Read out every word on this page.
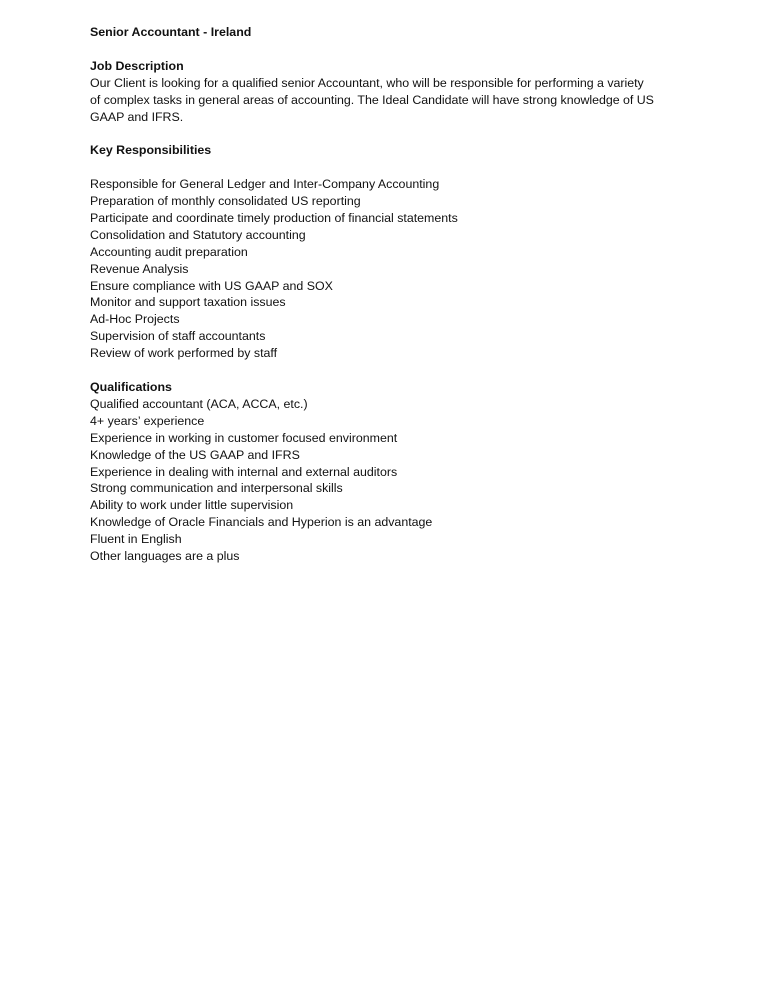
Senior Accountant - Ireland

Job Description

Our Client is looking for a qualified senior Accountant, who will be responsible for performing a variety

of complex tasks in general areas of accounting. The Ideal Candidate will have strong knowledge of US

GAAP and IFRS.

Key Responsibilities

Responsible for General Ledger and Inter-Company Accounting
Preparation of monthly consolidated US reporting
Participate and coordinate timely production of financial statements
Consolidation and Statutory accounting
Accounting audit preparation
Revenue Analysis
Ensure compliance with US GAAP and SOX
Monitor and support taxation issues
Ad-Hoc Projects
Supervision of staff accountants
Review of work performed by staff

Qualifications

Qualified accountant (ACA, ACCA, etc.)
4+ years’ experience
Experience in working in customer focused environment
Knowledge of the US GAAP and IFRS
Experience in dealing with internal and external auditors
Strong communication and interpersonal skills
Ability to work under little supervision
Knowledge of Oracle Financials and Hyperion is an advantage
Fluent in English
Other languages are a plus
